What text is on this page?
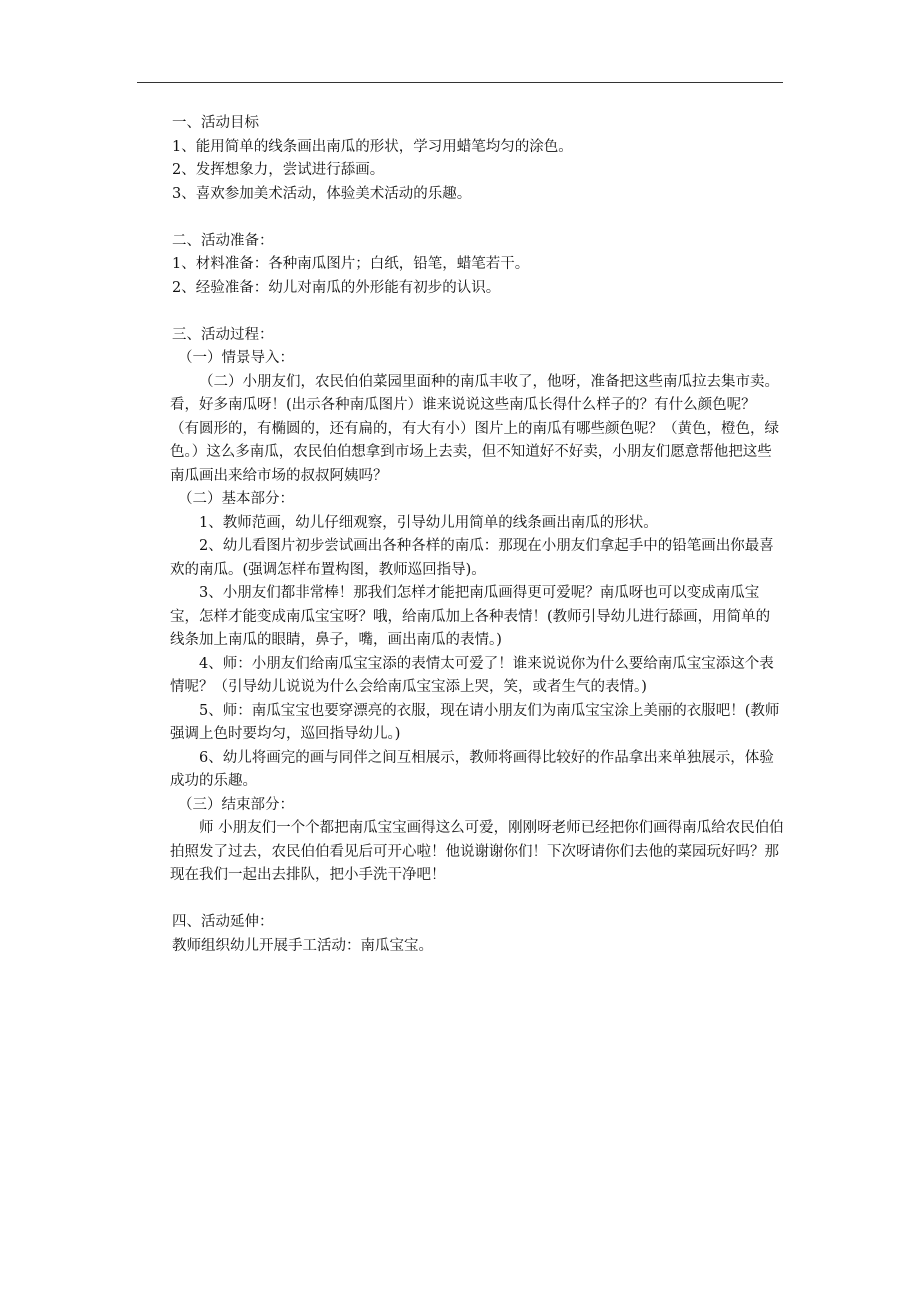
一、活动目标

1、能用简单的线条画出南瓜的形状，学习用蜡笔均匀的涂色。

2、发挥想象力，尝试进行舔画。

3、喜欢参加美术活动，体验美术活动的乐趣。

二、活动准备：

1、材料准备：各种南瓜图片；白纸，铅笔，蜡笔若干。

2、经验准备：幼儿对南瓜的外形能有初步的认识。

三、活动过程：

（一）情景导入：

（二）小朋友们，农民伯伯菜园里面种的南瓜丰收了，他呀，准备把这些南瓜拉去集市卖。看，好多南瓜呀！(出示各种南瓜图片）谁来说说这些南瓜长得什么样子的？有什么颜色呢？（有圆形的，有椭圆的，还有扁的，有大有小）图片上的南瓜有哪些颜色呢？（黄色，橙色，绿色。）这么多南瓜，农民伯伯想拿到市场上去卖，但不知道好不好卖，小朋友们愿意帮他把这些南瓜画出来给市场的叔叔阿姨吗？

（二）基本部分：

1、教师范画，幼儿仔细观察，引导幼儿用简单的线条画出南瓜的形状。

2、幼儿看图片初步尝试画出各种各样的南瓜：那现在小朋友们拿起手中的铅笔画出你最喜欢的南瓜。(强调怎样布置构图，教师巡回指导)。

3、小朋友们都非常棒！那我们怎样才能把南瓜画得更可爱呢？南瓜呀也可以变成南瓜宝宝，怎样才能变成南瓜宝宝呀？哦，给南瓜加上各种表情！(教师引导幼儿进行舔画，用简单的线条加上南瓜的眼睛，鼻子，嘴，画出南瓜的表情。)

4、师：小朋友们给南瓜宝宝添的表情太可爱了！谁来说说你为什么要给南瓜宝宝添这个表情呢？（引导幼儿说说为什么会给南瓜宝宝添上哭，笑，或者生气的表情。)

5、师：南瓜宝宝也要穿漂亮的衣服，现在请小朋友们为南瓜宝宝涂上美丽的衣服吧！(教师强调上色时要均匀，巡回指导幼儿。)

6、幼儿将画完的画与同伴之间互相展示，教师将画得比较好的作品拿出来单独展示，体验成功的乐趣。

（三）结束部分：

师 小朋友们一个个都把南瓜宝宝画得这么可爱，刚刚呀老师已经把你们画得南瓜给农民伯伯拍照发了过去，农民伯伯看见后可开心啦！他说谢谢你们！下次呀请你们去他的菜园玩好吗？那现在我们一起出去排队，把小手洗干净吧！

四、活动延伸：

教师组织幼儿开展手工活动：南瓜宝宝。
